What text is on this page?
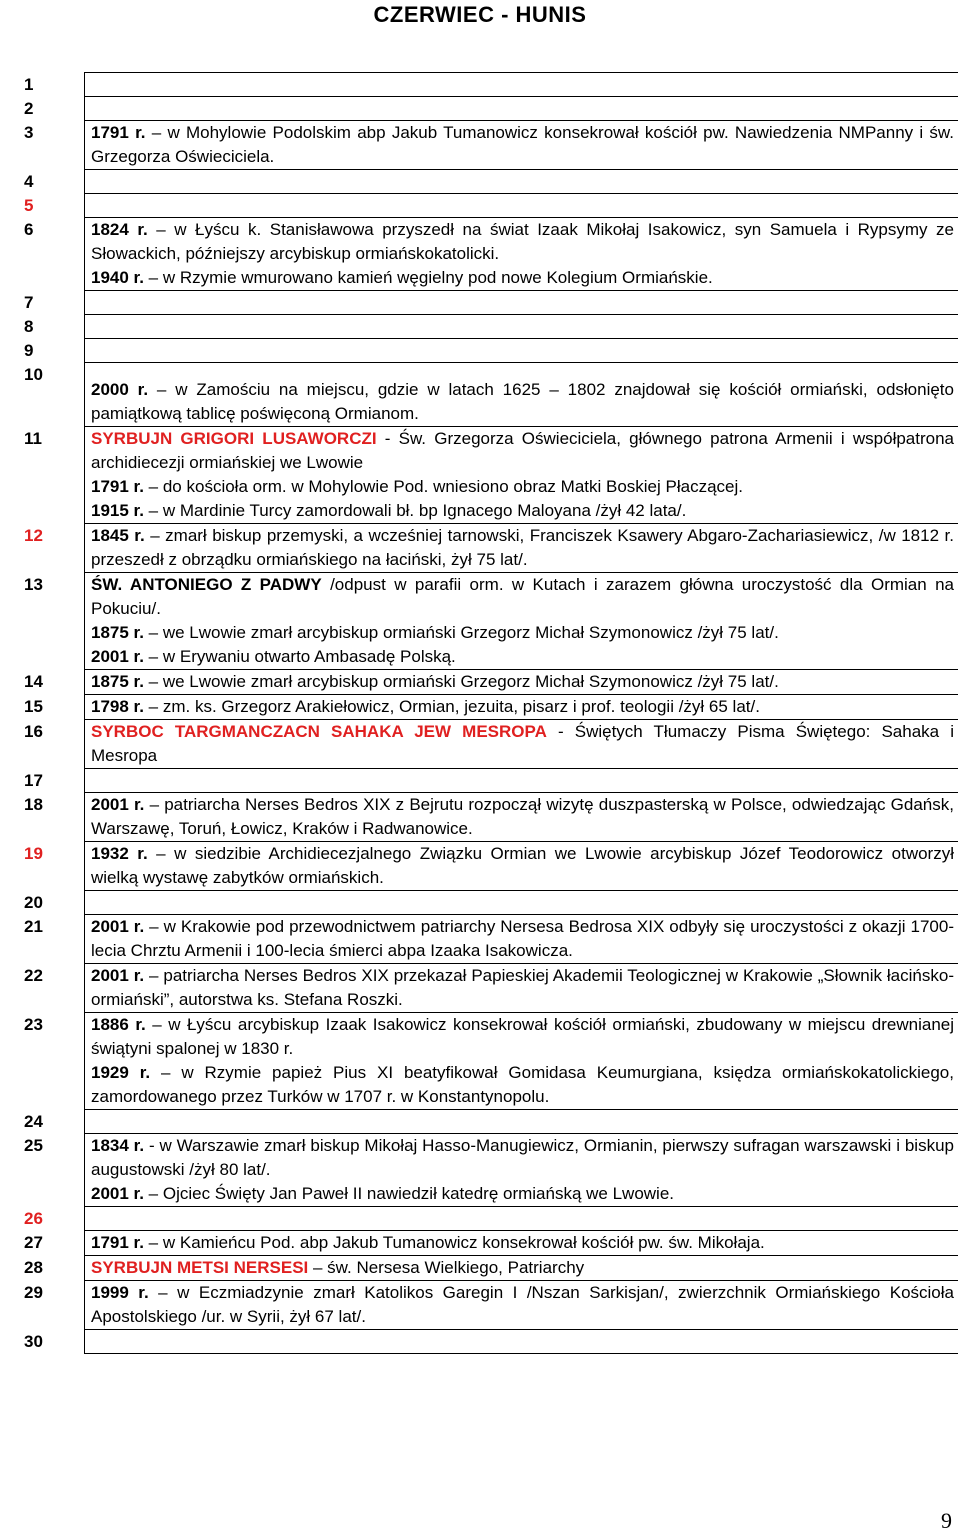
CZERWIEC - HUNIS
1	
2	
3	1791 r. – w Mohylowie Podolskim abp Jakub Tumanowicz konsekrował kościół pw. Nawiedzenia NMPanny i św. Grzegorza Oświeciciela.

4	
5	
6	1824 r. – w Łyścu k. Stanisławowa przyszedł na świat Izaak Mikołaj Isakowicz, syn Samuela i Rypsymy ze Słowackich, późniejszy arcybiskup ormiańskokatolicki.
1940 r. – w Rzymie wmurowano kamień węgielny pod nowe Kolegium Ormiańskie.

7	
8	
9	
10	2000 r. – w Zamościu na miejscu, gdzie w latach 1625 – 1802 znajdował się kościół ormiański, odsłonięto pamiątkową tablicę poświęconą Ormianom.

11	SYRBUJN GRIGORI LUSAWORCZI - Św. Grzegorza Oświeciciela, głównego patrona Armenii i współpatrona archidiecezji ormiańskiej we Lwowie
1791 r. – do kościoła orm. w Mohylowie Pod. wniesiono obraz Matki Boskiej Płaczącej.
1915 r. – w Mardinie Turcy zamordowali bł. bp Ignacego Maloyana /żył 42 lata/.

12	1845 r. – zmarł biskup przemyski, a wcześniej tarnowski, Franciszek Ksawery Abgaro-Zachariasiewicz, /w 1812 r. przeszedł z obrządku ormiańskiego na łaciński, żył 75 lat/.

13	ŚW. ANTONIEGO Z PADWY /odpust w parafii orm. w Kutach i zarazem główna uroczystość dla Ormian na Pokuciu/.
1875 r. – we Lwowie zmarł arcybiskup ormiański Grzegorz Michał Szymonowicz /żył 75 lat/.
2001 r. – w Erywaniu otwarto Ambasadę Polską.

14	1875 r. – we Lwowie zmarł arcybiskup ormiański Grzegorz Michał Szymonowicz /żył 75 lat/.

15	1798 r. – zm. ks. Grzegorz Arakiełowicz, Ormian, jezuita, pisarz i prof. teologii /żył 65 lat/.

16	SYRBOC TARGMANCZACN SAHAKA JEW MESROPA - Świętych Tłumaczy Pisma Świętego: Sahaka i Mesropa

17	
18	2001 r. – patriarcha Nerses Bedros XIX z Bejrutu rozpoczął wizytę duszpasterską w Polsce, odwiedzając Gdańsk, Warszawę, Toruń, Łowicz, Kraków i Radwanowice.

19	1932 r. – w siedzibie Archidiecezjalnego Związku Ormian we Lwowie arcybiskup Józef Teodorowicz otworzył wielką wystawę zabytków ormiańskich.

20	
21	2001 r. – w Krakowie pod przewodnictwem patriarchy Nersesa Bedrosa XIX odbyły się uroczystości z okazji 1700-lecia Chrztu Armenii i 100-lecia śmierci abpa Izaaka Isakowicza.

22	2001 r. – patriarcha Nerses Bedros XIX przekazał Papieskiej Akademii Teologicznej w Krakowie „Słownik łacińsko-ormiański”, autorstwa ks. Stefana Roszki.

23	1886 r. – w Łyścu arcybiskup Izaak Isakowicz konsekrował kościół ormiański, zbudowany w miejscu drewnianej świątyni spalonej w 1830 r.
1929 r. – w Rzymie papież Pius XI beatyfikował Gomidasa Keumurgiana, księdza ormiańskokatolickiego, zamordowanego przez Turków w 1707 r. w Konstantynopolu.

24	
25	1834 r. - w Warszawie zmarł biskup Mikołaj Hasso-Manugiewicz, Ormianin, pierwszy sufragan warszawski i biskup augustowski /żył 80 lat/.
2001 r. – Ojciec Święty Jan Paweł II nawiedził katedrę ormiańską we Lwowie.

26	
27	1791 r. – w Kamieńcu Pod. abp Jakub Tumanowicz konsekrował kościół pw. św. Mikołaja.

28	SYRBUJN METSI NERSESI – św. Nersesa Wielkiego, Patriarchy

29	1999 r. – w Eczmiadzynie zmarł Katolikos Garegin I /Nszan Sarkisjan/, zwierzchnik Ormiańskiego Kościoła Apostolskiego /ur. w Syrii, żył 67 lat/.

30	
9
